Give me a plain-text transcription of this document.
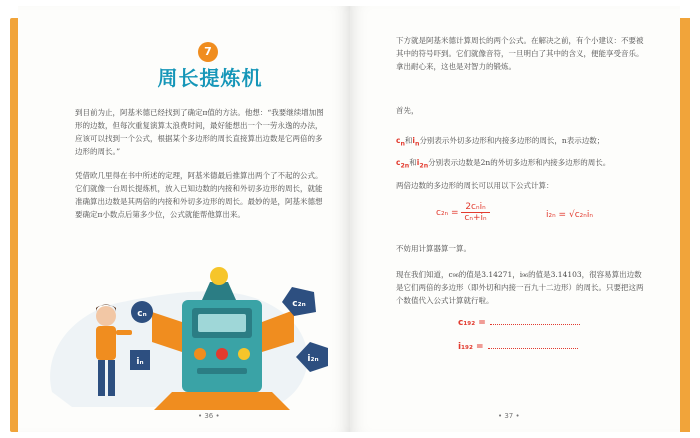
7
周长提炼机
到目前为止，阿基米德已经找到了确定π值的方法。他想：“我要继续增加图形的边数，但每次重复演算太浪费时间，最好能想出一个一劳永逸的办法，应该可以找到一个公式，根据某个多边形的周长直接算出边数是它两倍的多边形的周长。”
凭借欧几里得在书中所述的定理，阿基米德最后推算出两个了不起的公式。它们就像一台周长提炼机，放入已知边数的内接和外切多边形的周长，就能准确算出边数是其两倍的内接和外切多边形的周长。最妙的是，阿基米德想要确定π小数点后第多少位，公式就能帮他算出来。
cₙ
c₂ₙ
iₙ	i₂ₙ
• 36 •
下方就是阿基米德计算周长的两个公式。在解决之前，有个小建议：不要被其中的符号吓到。它们就像音符，一旦明白了其中的含义，便能享受音乐。拿出耐心来，这也是对智力的锻炼。
首先，
$c_n$和$i_n$分别表示外切多边形和内接多边形的周长，n表示边数；
$c_{2n}$和$i_{2n}$分别表示边数是2n的外切多边形和内接多边形的周长。
两倍边数的多边形的周长可以用以下公式计算：
$c_{2n} = \frac{\text{2cₙiₙ}}{\text{cₙ+iₙ}}$	i₂ₙ = √c₂ₙiₙ
不妨用计算器算一算。
现在我们知道，c₉₆的值是3.14271，i₉₆的值是3.14103，很容易算出边数是它们两倍的多边形（即外切和内接一百九十二边形）的周长。只要把这两个数值代入公式计算就行啦。
c₁₉₂ =
i₁₉₂ =
• 37 •
